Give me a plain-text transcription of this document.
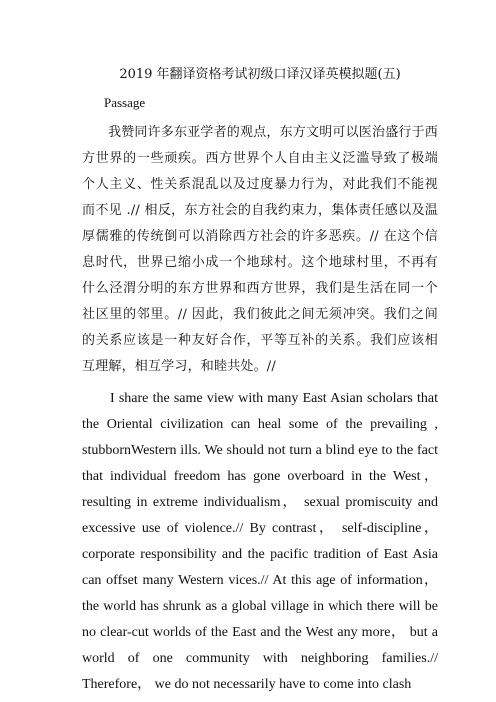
2019 年翻译资格考试初级口译汉译英模拟题(五)
Passage

我赞同许多东亚学者的观点，东方文明可以医治盛行于西方世界的一些顽疾。西方世界个人自由主义泛滥导致了极端个人主义、性关系混乱以及过度暴力行为，对此我们不能视而不见 .// 相反，东方社会的自我约束力，集体责任感以及温厚儒雅的传统倒可以消除西方社会的许多恶疾。// 在这个信息时代，世界已缩小成一个地球村。这个地球村里，不再有什么泾渭分明的东方世界和西方世界，我们是生活在同一个社区里的邻里。// 因此，我们彼此之间无须冲突。我们之间的关系应该是一种友好合作，平等互补的关系。我们应该相互理解，相互学习，和睦共处。//

I share the same view with many East Asian scholars that the Oriental civilization can heal some of the prevailing , stubbornWestern ills. We should not turn a blind eye to the fact that individual freedom has gone overboard in the West， resulting in extreme individualism， sexual promiscuity and excessive use of violence.// By contrast， self-discipline， corporate responsibility and the pacific tradition of East Asia can offset many Western vices.// At this age of information， the world has shrunk as a global village in which there will be no clear-cut worlds of the East and the West any more， but a world of one community with neighboring families.// Therefore， we do not necessarily have to come into clash
